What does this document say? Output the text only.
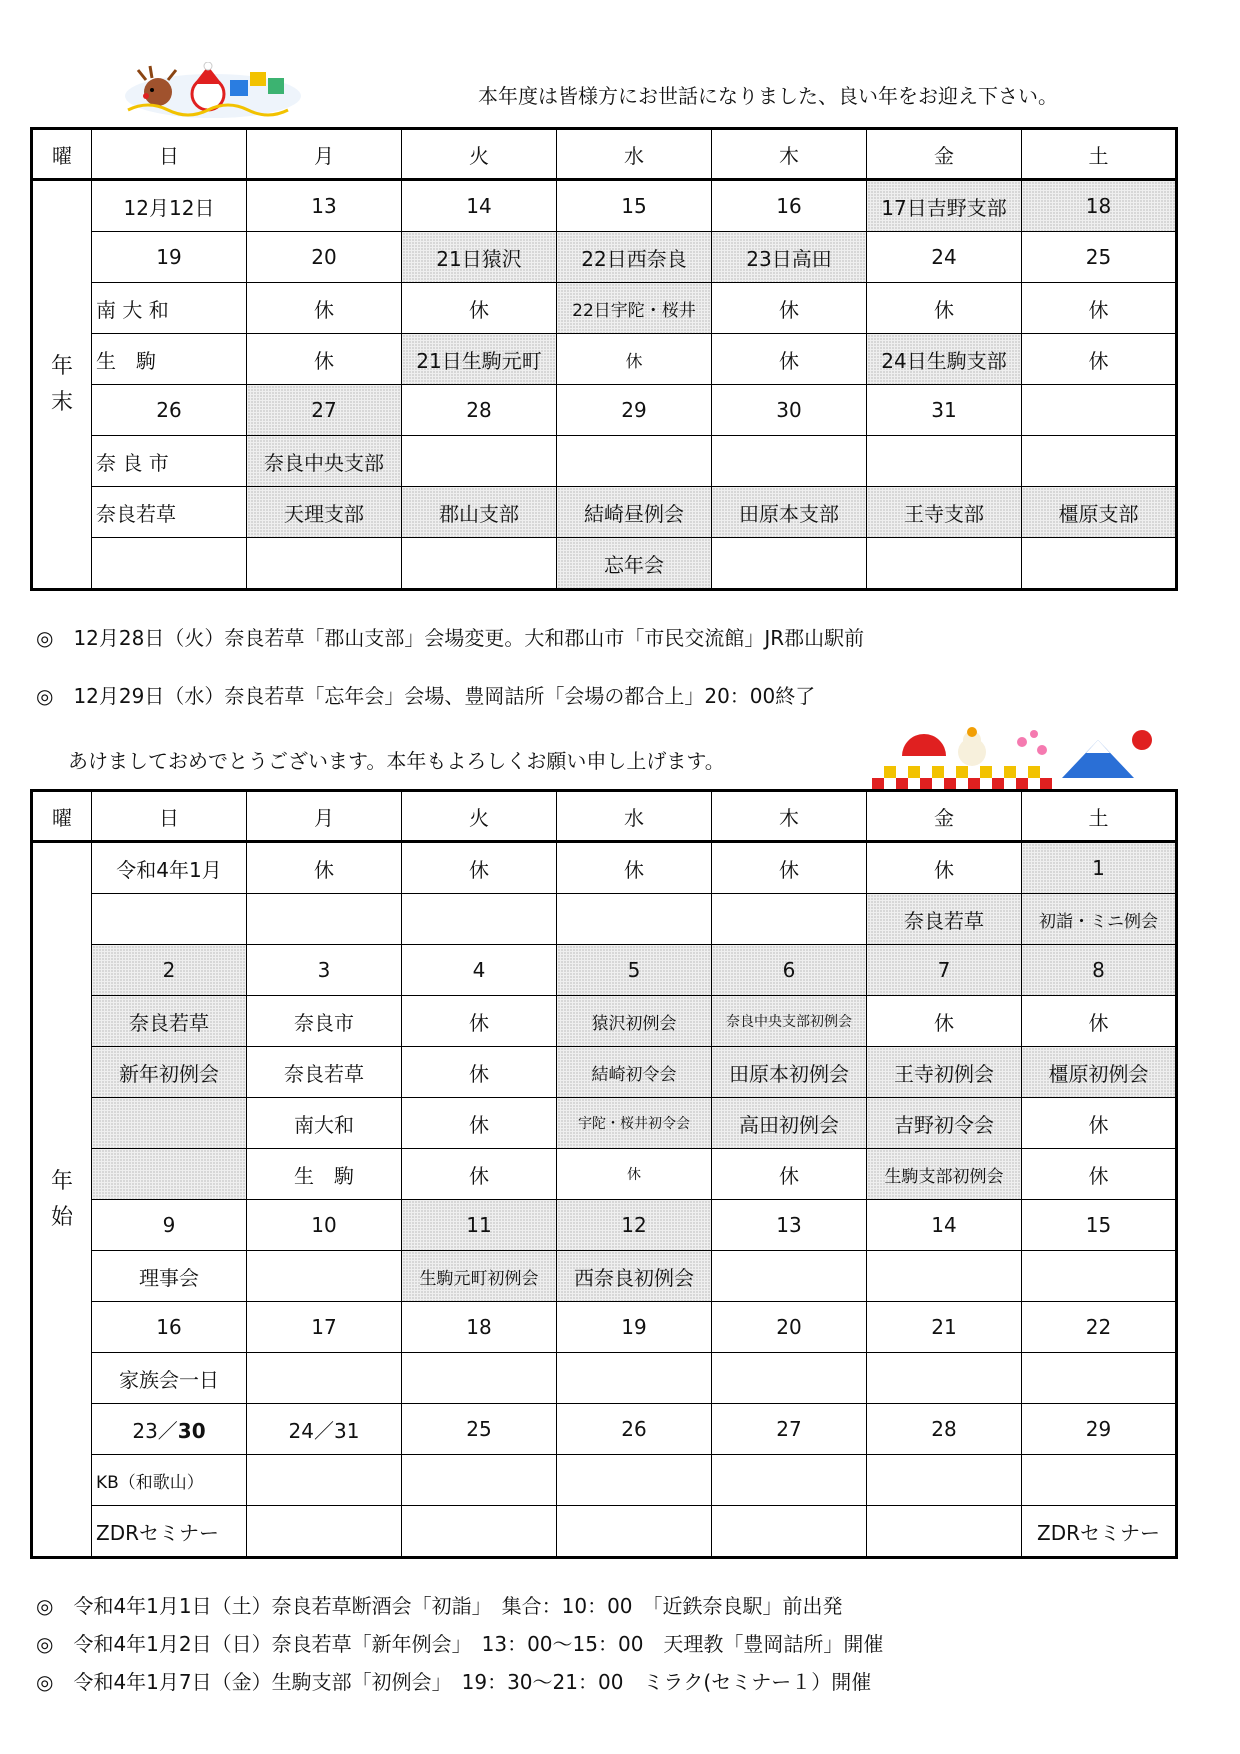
本年度は皆様方にお世話になりました、良い年をお迎え下さい。
曜	日	月	火	水	木	金	土
年
末	12月12日	13	14	15	16	17日吉野支部	18
	19	20	21日猿沢	22日西奈良	23日高田	24	25
	南 大 和	休	休	22日宇陀・桜井	休	休	休
	生　駒	休	21日生駒元町	休	休	24日生駒支部	休
	26	27	28	29	30	31	
	奈 良 市	奈良中央支部					
	奈良若草	天理支部	郡山支部	結崎昼例会	田原本支部	王寺支部	橿原支部
				忘年会			
◎　12月28日（火）奈良若草「郡山支部」会場変更。大和郡山市「市民交流館」JR郡山駅前
◎　12月29日（水）奈良若草「忘年会」会場、豊岡詰所「会場の都合上」20：00終了
あけましておめでとうございます。本年もよろしくお願い申し上げます。
曜	日	月	火	水	木	金	土
年
始	令和4年1月	休	休	休	休	休	1
						奈良若草	初詣・ミニ例会
	2	3	4	5	6	7	8
	奈良若草	奈良市	休	猿沢初例会	奈良中央支部初例会	休	休
	新年初例会	奈良若草	休	結崎初令会	田原本初例会	王寺初例会	橿原初例会
		南大和	休	宇陀・桜井初令会	高田初例会	吉野初令会	休
		生　駒	休	休	休	生駒支部初例会	休
	9	10	11	12	13	14	15
	理事会		生駒元町初例会	西奈良初例会			
	16	17	18	19	20	21	22
	家族会一日						
	23／30	24／31	25	26	27	28	29
	KB（和歌山）						
	ZDRセミナー						ZDRセミナー
◎　令和4年1月1日（土）奈良若草断酒会「初詣」　集合：10：00　「近鉄奈良駅」前出発
◎　令和4年1月2日（日）奈良若草「新年例会」　13：00〜15：00　天理教「豊岡詰所」開催
◎　令和4年1月7日（金）生駒支部「初例会」　19：30〜21：00　ミラク(セミナー１）開催
